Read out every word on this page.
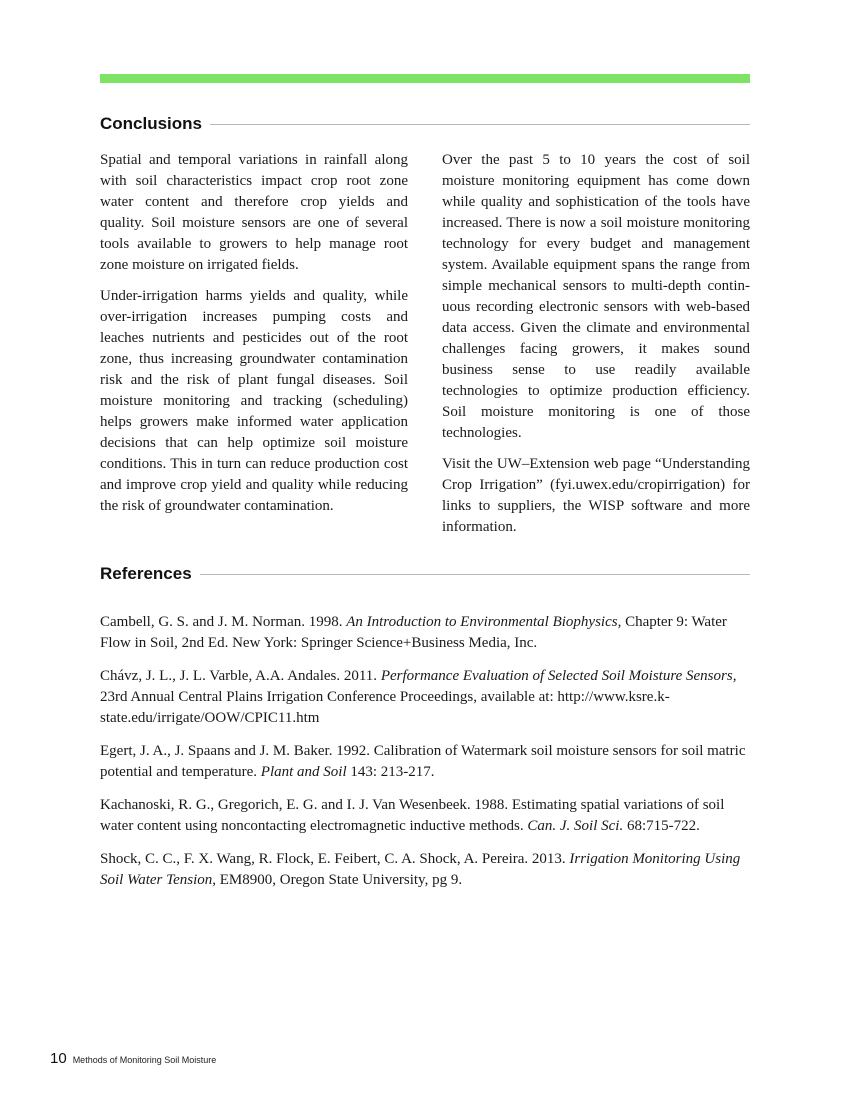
Conclusions

Spatial and temporal variations in rainfall along with soil characteristics impact crop root zone water content and therefore crop yields and quality. Soil moisture sensors are one of several tools available to growers to help manage root zone moisture on irrigated fields.

Under-irrigation harms yields and quality, while over-irrigation increases pumping costs and leaches nutrients and pesticides out of the root zone, thus increasing groundwater contamination risk and the risk of plant fungal diseases. Soil moisture monitoring and tracking (scheduling) helps growers make informed water application decisions that can help optimize soil moisture conditions. This in turn can reduce production cost and improve crop yield and quality while reducing the risk of groundwater contamination.

Over the past 5 to 10 years the cost of soil moisture monitoring equipment has come down while quality and sophistication of the tools have increased. There is now a soil moisture monitoring technology for every budget and management system. Available equipment spans the range from simple mechanical sensors to multi-depth continuous recording electronic sensors with web-based data access. Given the climate and environmental challenges facing growers, it makes sound business sense to use readily available technologies to optimize production efficiency. Soil moisture monitoring is one of those technologies.

Visit the UW–Extension web page “Understanding Crop Irrigation” (fyi.uwex.edu/cropirrigation) for links to suppliers, the WISP software and more information.

References
Cambell, G. S. and J. M. Norman. 1998. An Introduction to Environmental Biophysics, Chapter 9: Water Flow in Soil, 2nd Ed. New York: Springer Science+Business Media, Inc.
Chávz, J. L., J. L. Varble, A.A. Andales. 2011. Performance Evaluation of Selected Soil Moisture Sensors, 23rd Annual Central Plains Irrigation Conference Proceedings, available at: http://www.ksre.k-state.edu/irrigate/OOW/CPIC11.htm
Egert, J. A., J. Spaans and J. M. Baker. 1992. Calibration of Watermark soil moisture sensors for soil matric potential and temperature. Plant and Soil 143: 213-217.
Kachanoski, R. G., Gregorich, E. G. and I. J. Van Wesenbeek. 1988. Estimating spatial variations of soil water content using noncontacting electromagnetic inductive methods. Can. J. Soil Sci. 68:715-722.
Shock, C. C., F. X. Wang, R. Flock, E. Feibert, C. A. Shock, A. Pereira. 2013. Irrigation Monitoring Using Soil Water Tension, EM8900, Oregon State University, pg 9.
10 Methods of Monitoring Soil Moisture
